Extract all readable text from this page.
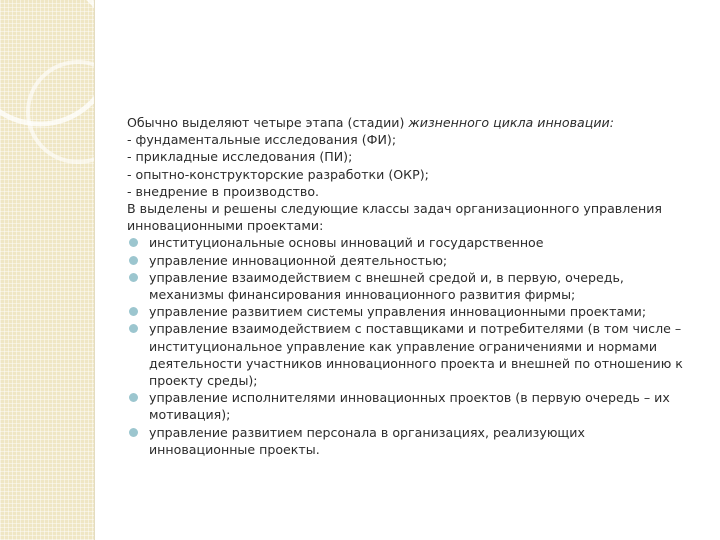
Обычно выделяют четыре этапа (стадии) жизненного цикла инновации:

- фундаментальные исследования (ФИ);

- прикладные исследования (ПИ);

- опытно-конструкторские разработки (ОКР);

- внедрение в производство.

В выделены и решены следующие классы задач организационного управления инновационными проектами:

институциональные основы инноваций и государственное
управление инновационной деятельностью;
управление взаимодействием с внешней средой и, в первую, очередь, механизмы финансирования инновационного развития фирмы;
управление развитием системы управления инновационными проектами;
управление взаимодействием с поставщиками и потребителями (в том числе – институциональное управление как управление ограничениями и нормами деятельности участников инновационного проекта и внешней по отношению к проекту среды);
управление исполнителями инновационных проектов (в первую очередь – их мотивация);
управление развитием персонала в организациях, реализующих инновационные проекты.
